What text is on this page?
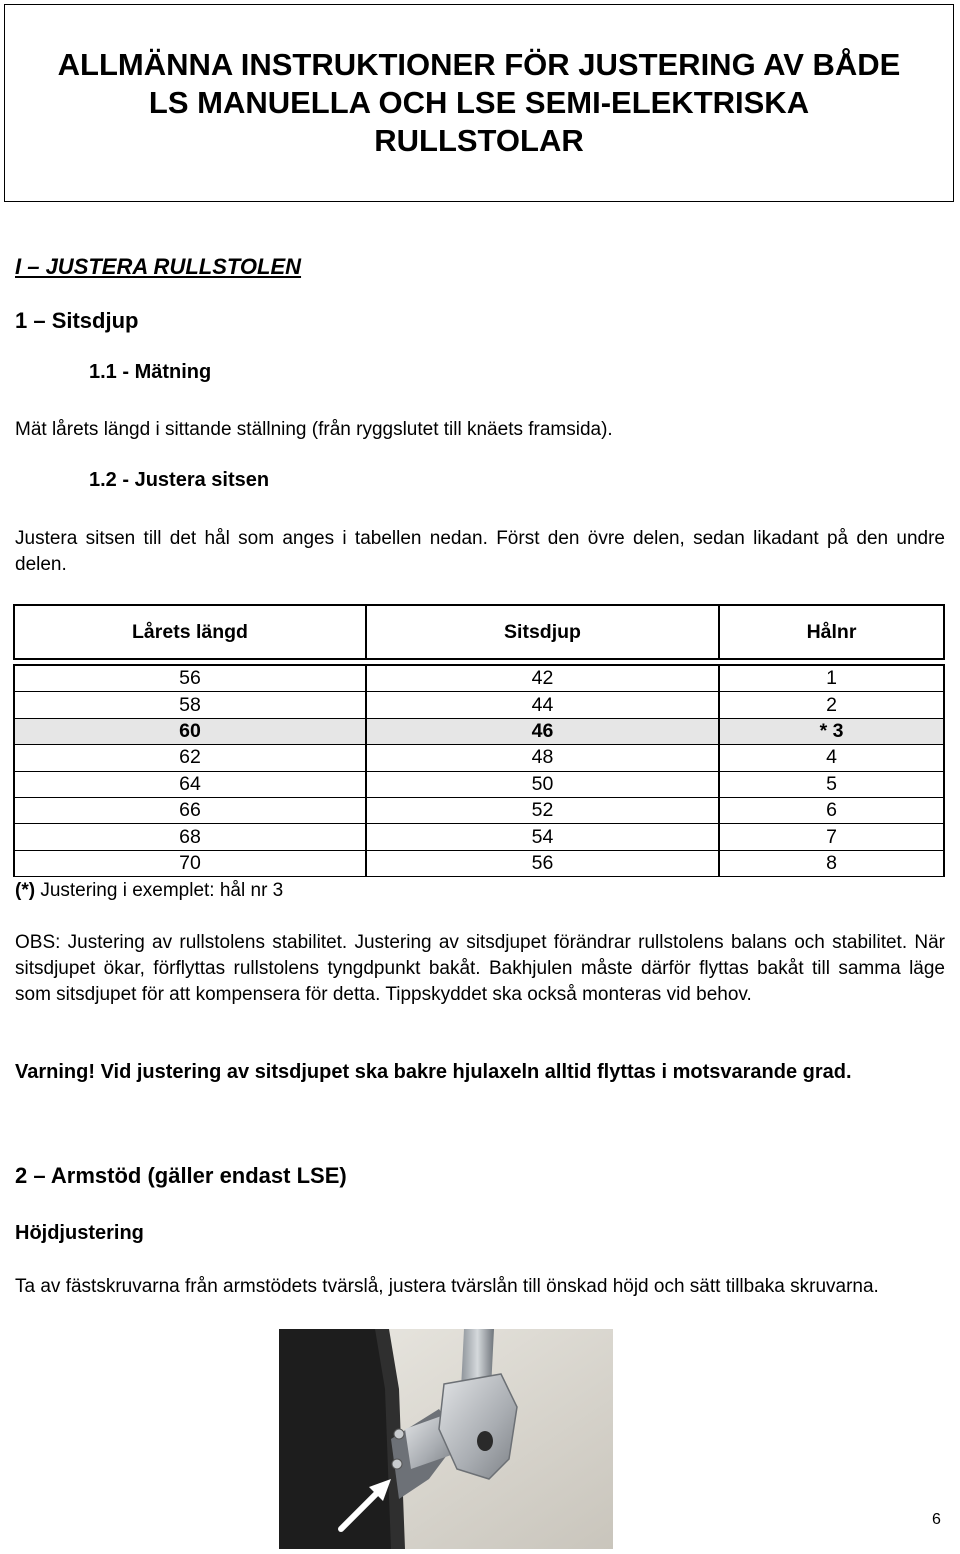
ALLMÄNNA INSTRUKTIONER FÖR JUSTERING AV BÅDE
LS MANUELLA OCH LSE SEMI-ELEKTRISKA
RULLSTOLAR
I – JUSTERA RULLSTOLEN
1 – Sitsdjup
1.1 - Mätning
Mät lårets längd i sittande ställning (från ryggslutet till knäets framsida).
1.2 - Justera sitsen
Justera sitsen till det hål som anges i tabellen nedan. Först den övre delen, sedan likadant på den undre delen.
Lårets längd	Sitsdjup	Hålnr

56	42	1
58	44	2
60	46	* 3
62	48	4
64	50	5
66	52	6
68	54	7
70	56	8
(*) Justering i exemplet: hål nr 3
OBS: Justering av rullstolens stabilitet. Justering av sitsdjupet förändrar rullstolens balans och stabilitet. När sitsdjupet ökar, förflyttas rullstolens tyngdpunkt bakåt. Bakhjulen måste därför flyttas bakåt till samma läge som sitsdjupet för att kompensera för detta. Tippskyddet ska också monteras vid behov.
Varning! Vid justering av sitsdjupet ska bakre hjulaxeln alltid flyttas i motsvarande grad.
2 – Armstöd (gäller endast LSE)
Höjdjustering
Ta av fästskruvarna från armstödets tvärslå, justera tvärslån till önskad höjd och sätt tillbaka skruvarna.
6
